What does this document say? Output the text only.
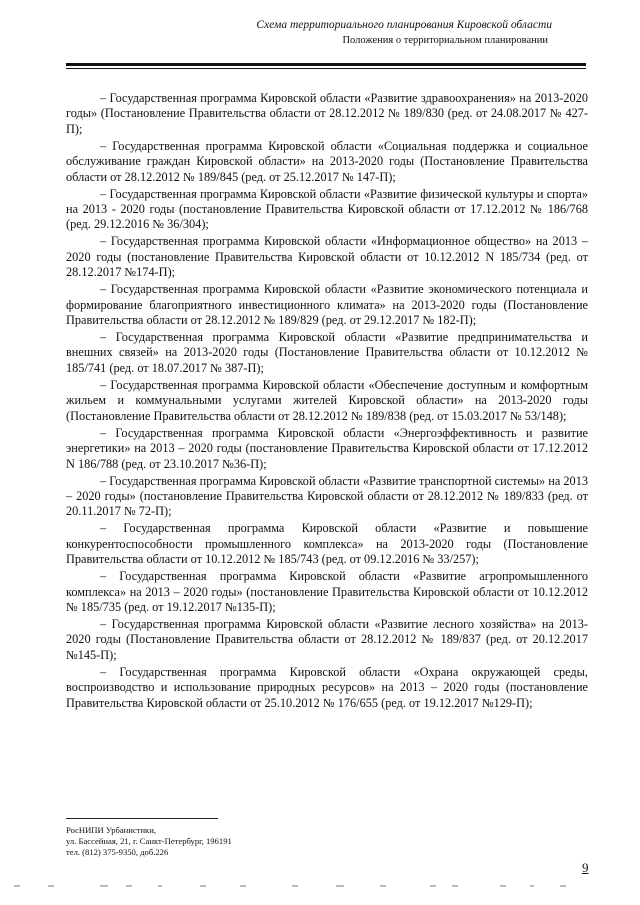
Схема территориального планирования Кировской области
Положения о территориальном планировании

– Государственная программа Кировской области «Развитие здравоохранения» на 2013-2020 годы» (Постановление Правительства области от 28.12.2012 № 189/830 (ред. от 24.08.2017 № 427-П);

– Государственная программа Кировской области «Социальная поддержка и социальное обслуживание граждан Кировской области» на 2013-2020 годы (Постановление Правительства области от 28.12.2012 № 189/845 (ред. от 25.12.2017 № 147-П);

– Государственная программа Кировской области «Развитие физической культуры и спорта» на 2013 - 2020 годы (постановление Правительства Кировской области от 17.12.2012 № 186/768 (ред. 29.12.2016 № 36/304);

– Государственная программа Кировской области «Информационное общество» на 2013 – 2020 годы (постановление Правительства Кировской области от 10.12.2012 N 185/734 (ред. от 28.12.2017 №174-П);

– Государственная программа Кировской области «Развитие экономического потенциала и формирование благоприятного инвестиционного климата» на 2013-2020 годы (Постановление Правительства области от 28.12.2012 № 189/829 (ред. от 29.12.2017 № 182-П);

– Государственная программа Кировской области «Развитие предпринимательства и внешних связей» на 2013-2020 годы (Постановление Правительства области от 10.12.2012 № 185/741 (ред. от 18.07.2017 № 387-П);

– Государственная программа Кировской области «Обеспечение доступным и комфортным жильем и коммунальными услугами жителей Кировской области» на 2013-2020 годы (Постановление Правительства области от 28.12.2012 № 189/838 (ред. от 15.03.2017 № 53/148);

– Государственная программа Кировской области «Энергоэффективность и развитие энергетики» на 2013 – 2020 годы (постановление Правительства Кировской области от 17.12.2012 N 186/788 (ред. от 23.10.2017 №36-П);

– Государственная программа Кировской области «Развитие транспортной системы» на 2013 – 2020 годы» (постановление Правительства Кировской области от 28.12.2012 № 189/833 (ред. от 20.11.2017 № 72-П);

– Государственная программа Кировской области «Развитие и повышение конкурентоспособности промышленного комплекса» на 2013-2020 годы (Постановление Правительства области от 10.12.2012 № 185/743 (ред. от 09.12.2016 № 33/257);

– Государственная программа Кировской области «Развитие агропромышленного комплекса» на 2013 – 2020 годы» (постановление Правительства Кировской области от 10.12.2012 № 185/735 (ред. от 19.12.2017 №135-П);

– Государственная программа Кировской области «Развитие лесного хозяйства» на 2013-2020 годы (Постановление Правительства области от 28.12.2012 № 189/837 (ред. от 20.12.2017 №145-П);

– Государственная программа Кировской области «Охрана окружающей среды, воспроизводство и использование природных ресурсов» на 2013 – 2020 годы (постановление Правительства Кировской области от 25.10.2012 № 176/655 (ред. от 19.12.2017 №129-П);

РосНИПИ Урбанистики,
ул. Бассейная, 21, г. Санкт-Петербург, 196191
тел. (812) 375-9350, доб.226
9
